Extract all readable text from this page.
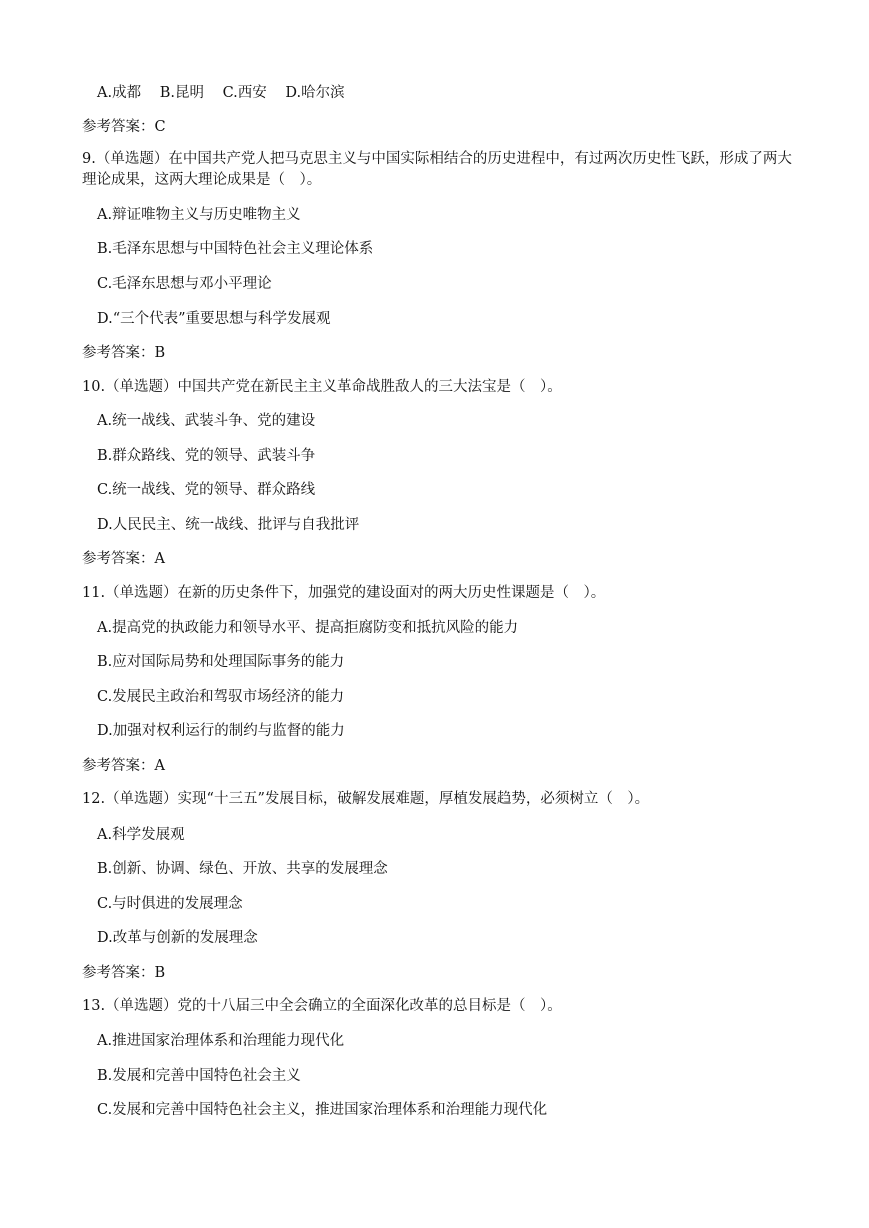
A.成都 B.昆明 C.西安 D.哈尔滨
参考答案：C
9.（单选题）在中国共产党人把马克思主义与中国实际相结合的历史进程中，有过两次历史性飞跃，形成了两大理论成果，这两大理论成果是（　）。
A.辩证唯物主义与历史唯物主义
B.毛泽东思想与中国特色社会主义理论体系
C.毛泽东思想与邓小平理论
D.“三个代表”重要思想与科学发展观
参考答案：B
10.（单选题）中国共产党在新民主主义革命战胜敌人的三大法宝是（　）。
A.统一战线、武装斗争、党的建设
B.群众路线、党的领导、武装斗争
C.统一战线、党的领导、群众路线
D.人民民主、统一战线、批评与自我批评
参考答案：A
11.（单选题）在新的历史条件下，加强党的建设面对的两大历史性课题是（　）。
A.提高党的执政能力和领导水平、提高拒腐防变和抵抗风险的能力
B.应对国际局势和处理国际事务的能力
C.发展民主政治和驾驭市场经济的能力
D.加强对权利运行的制约与监督的能力
参考答案：A
12.（单选题）实现“十三五”发展目标，破解发展难题，厚植发展趋势，必须树立（　）。
A.科学发展观
B.创新、协调、绿色、开放、共享的发展理念
C.与时俱进的发展理念
D.改革与创新的发展理念
参考答案：B
13.（单选题）党的十八届三中全会确立的全面深化改革的总目标是（　）。
A.推进国家治理体系和治理能力现代化
B.发展和完善中国特色社会主义
C.发展和完善中国特色社会主义，推进国家治理体系和治理能力现代化
